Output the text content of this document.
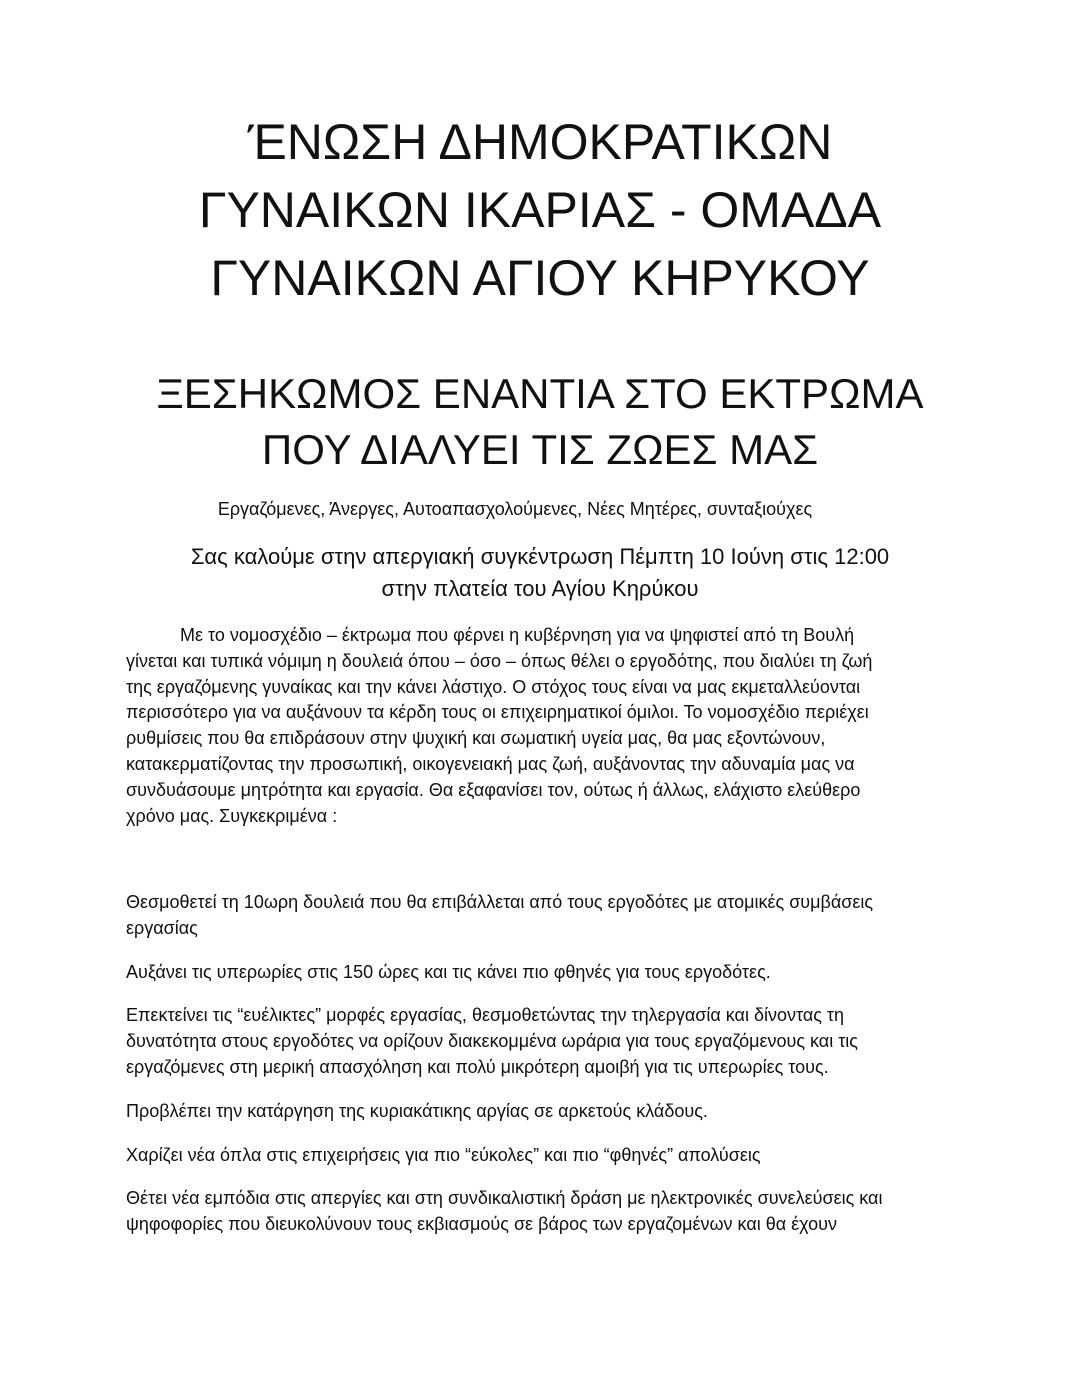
ΈΝΩΣΗ ΔΗΜΟΚΡΑΤΙΚΩΝ
ΓΥΝΑΙΚΩΝ ΙΚΑΡΙΑΣ - ΟΜΑΔΑ
ΓΥΝΑΙΚΩΝ ΑΓΙΟΥ ΚΗΡΥΚΟΥ
ΞΕΣΗΚΩΜΟΣ ΕΝΑΝΤΙΑ ΣΤΟ ΕΚΤΡΩΜΑ
ΠΟΥ ΔΙΑΛΥΕΙ ΤΙΣ ΖΩΕΣ ΜΑΣ

Εργαζόμενες, Άνεργες, Αυτοαπασχολούμενες, Νέες Μητέρες, συνταξιούχες

Σας καλούμε στην απεργιακή συγκέντρωση Πέμπτη 10 Ιούνη στις 12:00
στην πλατεία του Αγίου Κηρύκου

Με το νομοσχέδιο – έκτρωμα που φέρνει η κυβέρνηση για να ψηφιστεί από τη Βουλή
γίνεται και τυπικά νόμιμη η δουλειά όπου – όσο – όπως θέλει ο εργοδότης, που διαλύει τη ζωή
της εργαζόμενης γυναίκας και την κάνει λάστιχο. Ο στόχος τους είναι να μας εκμεταλλεύονται
περισσότερο για να αυξάνουν τα κέρδη τους οι επιχειρηματικοί όμιλοι. Το νομοσχέδιο περιέχει
ρυθμίσεις που θα επιδράσουν στην ψυχική και σωματική υγεία μας, θα μας εξοντώνουν,
κατακερματίζοντας την προσωπική, οικογενειακή μας ζωή, αυξάνοντας την αδυναμία μας να
συνδυάσουμε μητρότητα και εργασία. Θα εξαφανίσει τον, ούτως ή άλλως, ελάχιστο ελεύθερο
χρόνο μας. Συγκεκριμένα :

Θεσμοθετεί τη 10ωρη δουλειά που θα επιβάλλεται από τους εργοδότες με ατομικές συμβάσεις
εργασίας
Αυξάνει τις υπερωρίες στις 150 ώρες και τις κάνει πιο φθηνές για τους εργοδότες.
Επεκτείνει τις “ευέλικτες” μορφές εργασίας, θεσμοθετώντας την τηλεργασία και δίνοντας τη
δυνατότητα στους εργοδότες να ορίζουν διακεκομμένα ωράρια για τους εργαζόμενους και τις
εργαζόμενες στη μερική απασχόληση και πολύ μικρότερη αμοιβή για τις υπερωρίες τους.
Προβλέπει την κατάργηση της κυριακάτικης αργίας σε αρκετούς κλάδους.
Χαρίζει νέα όπλα στις επιχειρήσεις για πιο “εύκολες” και πιο “φθηνές” απολύσεις
Θέτει νέα εμπόδια στις απεργίες και στη συνδικαλιστική δράση με ηλεκτρονικές συνελεύσεις και
ψηφοφορίες που διευκολύνουν τους εκβιασμούς σε βάρος των εργαζομένων και θα έχουν
